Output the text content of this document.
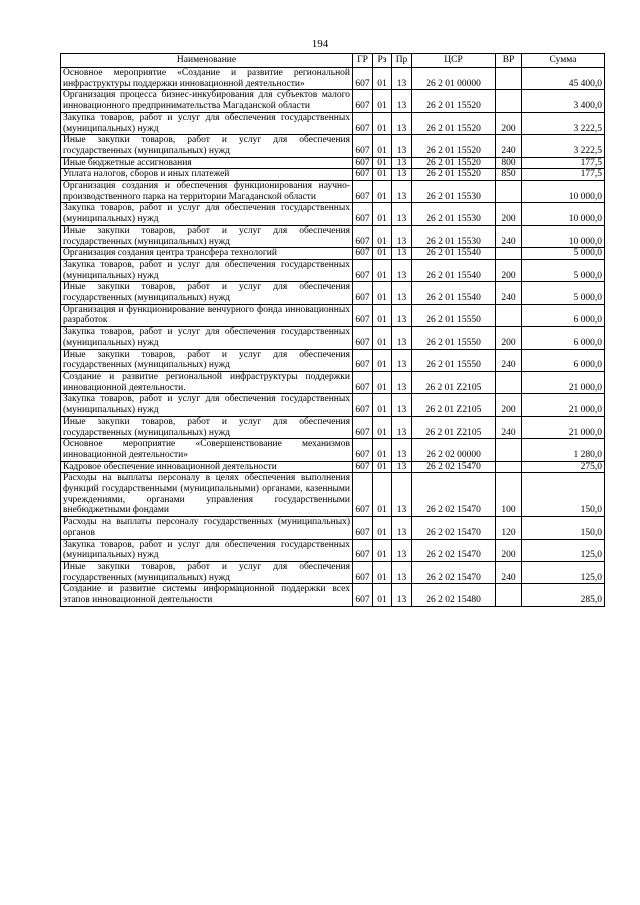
194
Наименование	ГР	Рз	Пр	ЦСР	ВР	Сумма
Основное мероприятие «Создание и развитие региональной инфраструктуры поддержки инновационной деятельности»	607	01	13	26 2 01 00000		45 400,0
Организация процесса бизнес-инкубирования для субъектов малого инновационного предпринимательства Магаданской области	607	01	13	26 2 01 15520		3 400,0
Закупка товаров, работ и услуг для обеспечения государственных (муниципальных) нужд	607	01	13	26 2 01 15520	200	3 222,5
Иные закупки товаров, работ и услуг для обеспечения государственных (муниципальных) нужд	607	01	13	26 2 01 15520	240	3 222,5
Иные бюджетные ассигнования	607	01	13	26 2 01 15520	800	177,5
Уплата налогов, сборов и иных платежей	607	01	13	26 2 01 15520	850	177,5
Организация создания и обеспечения функционирования научно-производственного парка на территории Магаданской области	607	01	13	26 2 01 15530		10 000,0
Закупка товаров, работ и услуг для обеспечения государственных (муниципальных) нужд	607	01	13	26 2 01 15530	200	10 000,0
Иные закупки товаров, работ и услуг для обеспечения государственных (муниципальных) нужд	607	01	13	26 2 01 15530	240	10 000,0
Организация создания центра трансфера технологий	607	01	13	26 2 01 15540		5 000,0
Закупка товаров, работ и услуг для обеспечения государственных (муниципальных) нужд	607	01	13	26 2 01 15540	200	5 000,0
Иные закупки товаров, работ и услуг для обеспечения государственных (муниципальных) нужд	607	01	13	26 2 01 15540	240	5 000,0
Организация и функционирование венчурного фонда инновационных разработок	607	01	13	26 2 01 15550		6 000,0
Закупка товаров, работ и услуг для обеспечения государственных (муниципальных) нужд	607	01	13	26 2 01 15550	200	6 000,0
Иные закупки товаров, работ и услуг для обеспечения государственных (муниципальных) нужд	607	01	13	26 2 01 15550	240	6 000,0
Создание и развитие региональной инфраструктуры поддержки инновационной деятельности.	607	01	13	26 2 01 Z2105		21 000,0
Закупка товаров, работ и услуг для обеспечения государственных (муниципальных) нужд	607	01	13	26 2 01 Z2105	200	21 000,0
Иные закупки товаров, работ и услуг для обеспечения государственных (муниципальных) нужд	607	01	13	26 2 01 Z2105	240	21 000,0
Основное мероприятие «Совершенствование механизмов инновационной деятельности»	607	01	13	26 2 02 00000		1 280,0
Кадровое обеспечение инновационной деятельности	607	01	13	26 2 02 15470		275,0
Расходы на выплаты персоналу в целях обеспечения выполнения функций государственными (муниципальными) органами, казенными учреждениями, органами управления государственными внебюджетными фондами	607	01	13	26 2 02 15470	100	150,0
Расходы на выплаты персоналу государственных (муниципальных) органов	607	01	13	26 2 02 15470	120	150,0
Закупка товаров, работ и услуг для обеспечения государственных (муниципальных) нужд	607	01	13	26 2 02 15470	200	125,0
Иные закупки товаров, работ и услуг для обеспечения государственных (муниципальных) нужд	607	01	13	26 2 02 15470	240	125,0
Создание и развитие системы информационной поддержки всех этапов инновационной деятельности	607	01	13	26 2 02 15480		285,0
